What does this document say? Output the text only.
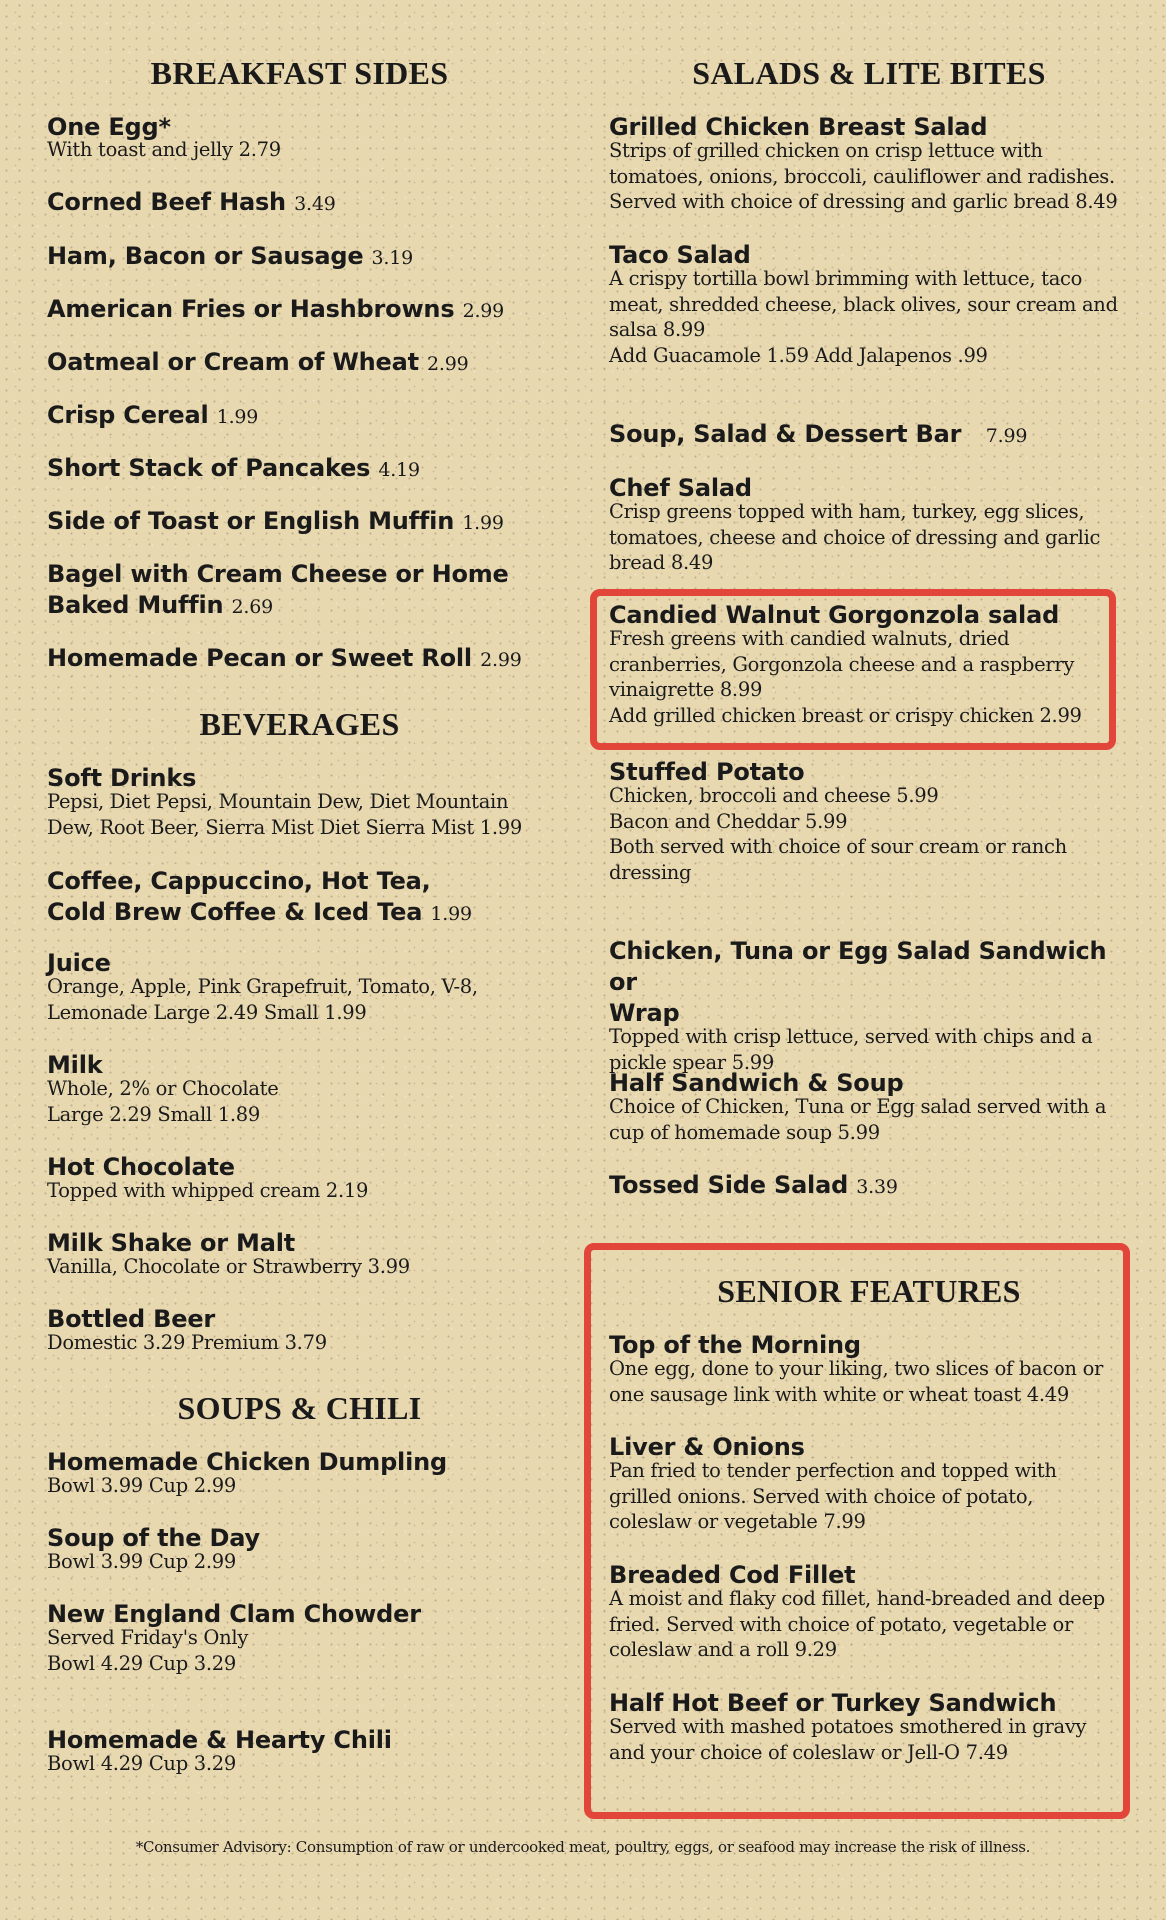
BREAKFAST SIDES
One Egg*
With toast and jelly 2.79
Corned Beef Hash 3.49
Ham, Bacon or Sausage 3.19
American Fries or Hashbrowns 2.99
Oatmeal or Cream of Wheat 2.99
Crisp Cereal 1.99
Short Stack of Pancakes 4.19
Side of Toast or English Muffin 1.99
Bagel with Cream Cheese or Home
Baked Muffin 2.69
Homemade Pecan or Sweet Roll 2.99
BEVERAGES
Soft Drinks
Pepsi, Diet Pepsi, Mountain Dew, Diet Mountain
Dew, Root Beer, Sierra Mist Diet Sierra Mist 1.99
Coffee, Cappuccino, Hot Tea,
Cold Brew Coffee & Iced Tea 1.99
Juice
Orange, Apple, Pink Grapefruit, Tomato, V-8,
Lemonade Large 2.49 Small 1.99
Milk
Whole, 2% or Chocolate
Large 2.29 Small 1.89
Hot Chocolate
Topped with whipped cream 2.19
Milk Shake or Malt
Vanilla, Chocolate or Strawberry 3.99
Bottled Beer
Domestic 3.29 Premium 3.79
SOUPS & CHILI
Homemade Chicken Dumpling
Bowl 3.99 Cup 2.99
Soup of the Day
Bowl 3.99 Cup 2.99
New England Clam Chowder
Served Friday's Only
Bowl 4.29 Cup 3.29
Homemade & Hearty Chili
Bowl 4.29 Cup 3.29
SALADS & LITE BITES
Grilled Chicken Breast Salad
Strips of grilled chicken on crisp lettuce with
tomatoes, onions, broccoli, cauliflower and radishes.
Served with choice of dressing and garlic bread 8.49
Taco Salad
A crispy tortilla bowl brimming with lettuce, taco
meat, shredded cheese, black olives, sour cream and
salsa 8.99
Add Guacamole 1.59 Add Jalapenos .99
Soup, Salad & Dessert Bar 7.99
Chef Salad
Crisp greens topped with ham, turkey, egg slices,
tomatoes, cheese and choice of dressing and garlic
bread 8.49
Candied Walnut Gorgonzola salad
Fresh greens with candied walnuts, dried
cranberries, Gorgonzola cheese and a raspberry
vinaigrette 8.99
Add grilled chicken breast or crispy chicken 2.99
Stuffed Potato
Chicken, broccoli and cheese 5.99
Bacon and Cheddar 5.99
Both served with choice of sour cream or ranch
dressing
Chicken, Tuna or Egg Salad Sandwich or
Wrap
Topped with crisp lettuce, served with chips and a
pickle spear 5.99
Half Sandwich & Soup
Choice of Chicken, Tuna or Egg salad served with a
cup of homemade soup 5.99
Tossed Side Salad 3.39
SENIOR FEATURES
Top of the Morning
One egg, done to your liking, two slices of bacon or
one sausage link with white or wheat toast 4.49
Liver & Onions
Pan fried to tender perfection and topped with
grilled onions. Served with choice of potato,
coleslaw or vegetable 7.99
Breaded Cod Fillet
A moist and flaky cod fillet, hand-breaded and deep
fried. Served with choice of potato, vegetable or
coleslaw and a roll 9.29
Half Hot Beef or Turkey Sandwich
Served with mashed potatoes smothered in gravy
and your choice of coleslaw or Jell-O 7.49
*Consumer Advisory: Consumption of raw or undercooked meat, poultry, eggs, or seafood may increase the risk of illness.
